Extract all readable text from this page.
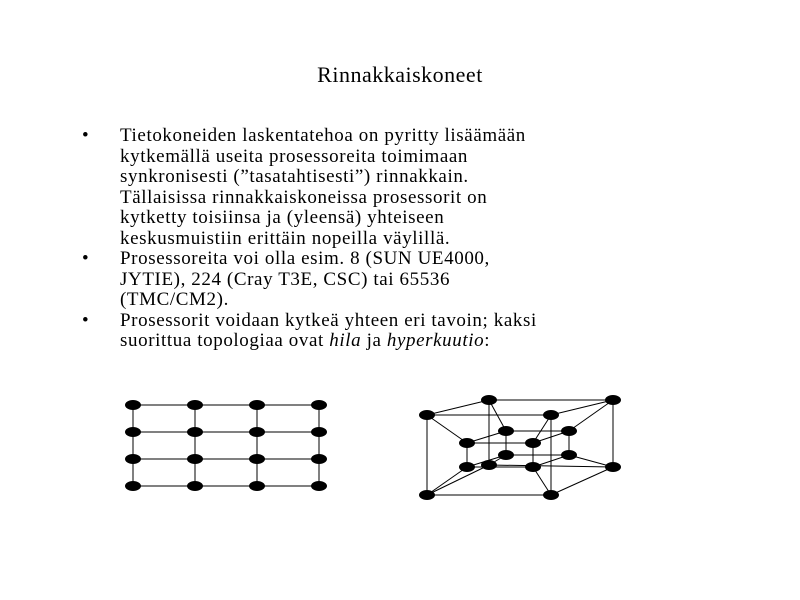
Rinnakkaiskoneet
• Tietokoneiden laskentatehoa on pyritty lisäämään
kytkemällä useita prosessoreita toimimaan
synkronisesti (”tasatahtisesti”) rinnakkain.
Tällaisissa rinnakkaiskoneissa prosessorit on
kytketty toisiinsa ja (yleensä) yhteiseen
keskusmuistiin erittäin nopeilla väylillä.
• Prosessoreita voi olla esim. 8 (SUN UE4000,
JYTIE), 224 (Cray T3E, CSC) tai 65536
(TMC/CM2).
• Prosessorit voidaan kytkeä yhteen eri tavoin; kaksi
suorittua topologiaa ovat hila ja hyperkuutio:
